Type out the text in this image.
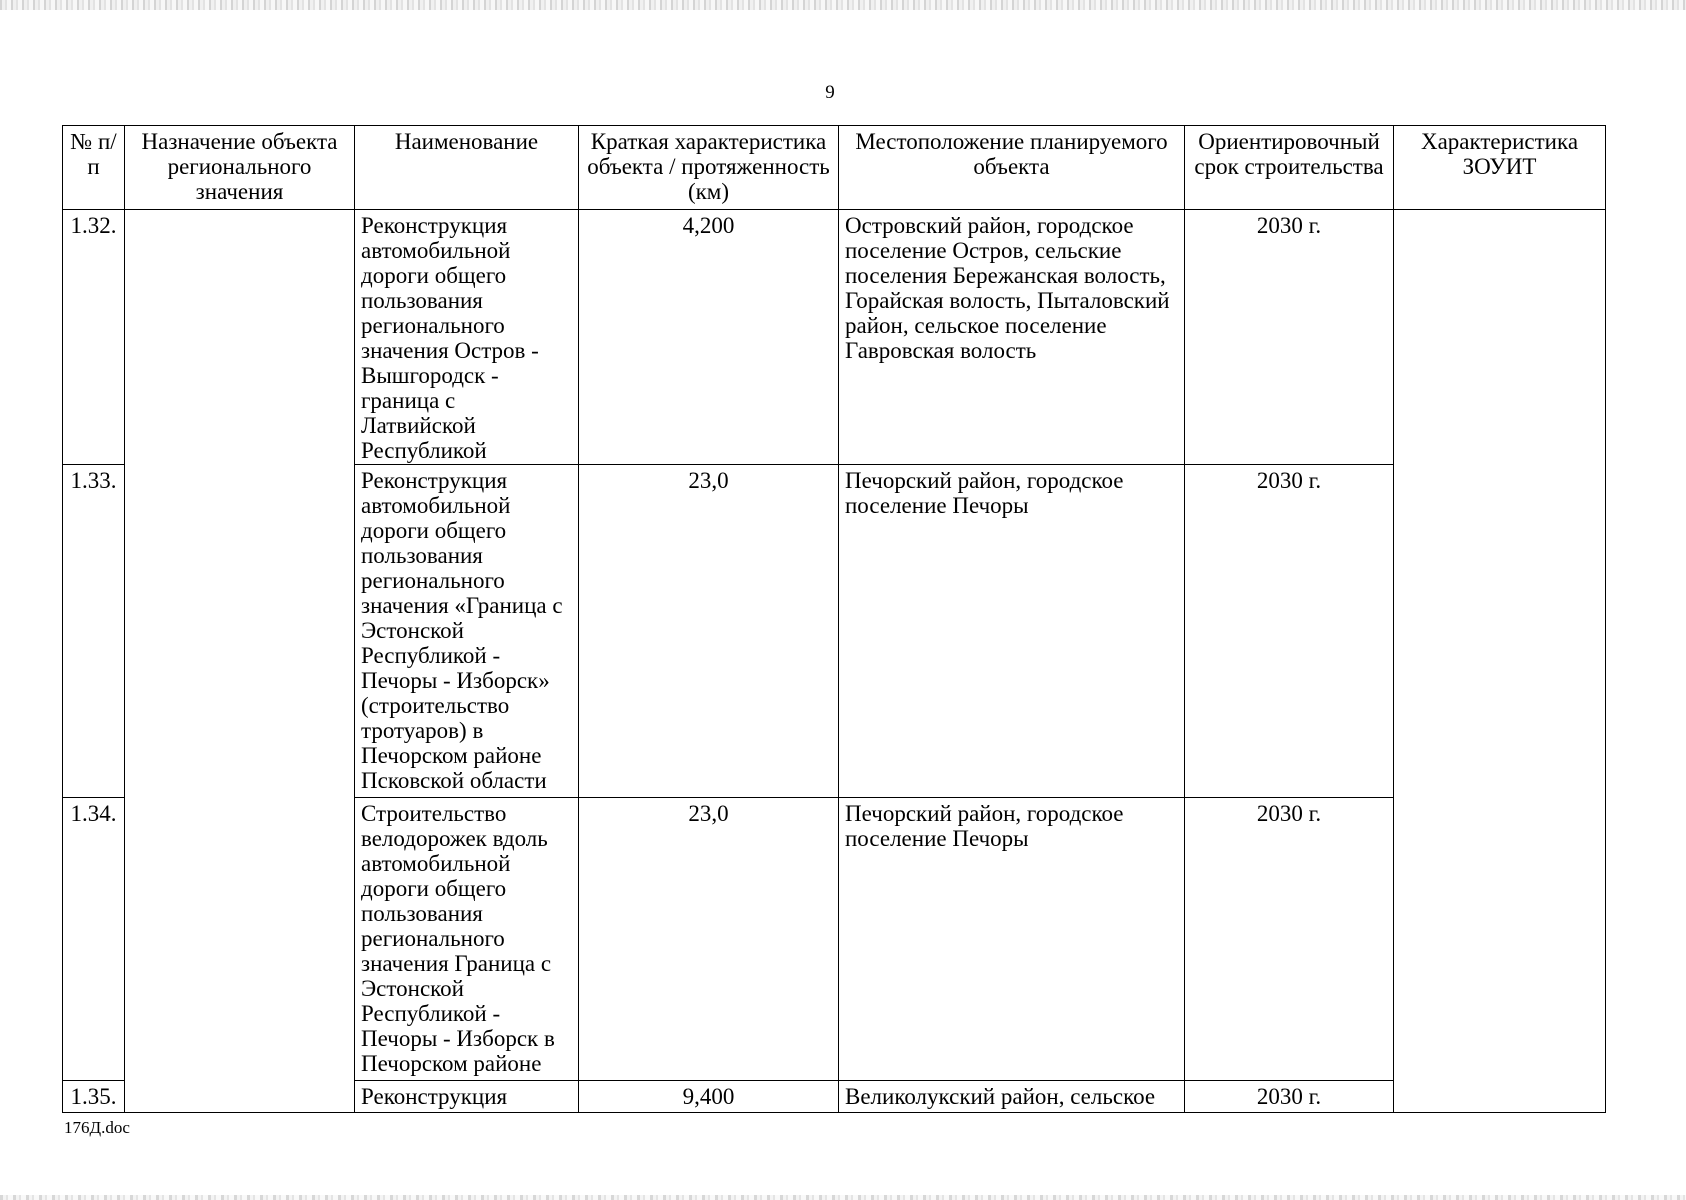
9
№ п/п	Назначение объекта регионального значения	Наименование	Краткая характеристика объекта / протяженность (км)	Местоположение планируемого объекта	Ориентировочный срок строительства	Характеристика ЗОУИТ
1.32.		Реконструкция автомобильной дороги общего пользования регионального значения Остров - Вышгородск - граница с Латвийской Республикой	4,200	Островский район, городское поселение Остров, сельские поселения Бережанская волость, Горайская волость, Пыталовский район, сельское поселение Гавровская волость	2030 г.	
1.33.		Реконструкция автомобильной дороги общего пользования регионального значения «Граница с Эстонской Республикой - Печоры - Изборск» (строительство тротуаров) в Печорском районе Псковской области	23,0	Печорский район, городское поселение Печоры	2030 г.	
1.34.		Строительство велодорожек вдоль автомобильной дороги общего пользования регионального значения Граница с Эстонской Республикой - Печоры - Изборск в Печорском районе	23,0	Печорский район, городское поселение Печоры	2030 г.	
1.35.		Реконструкция	9,400	Великолукский район, сельское	2030 г.	
176Д.doc
